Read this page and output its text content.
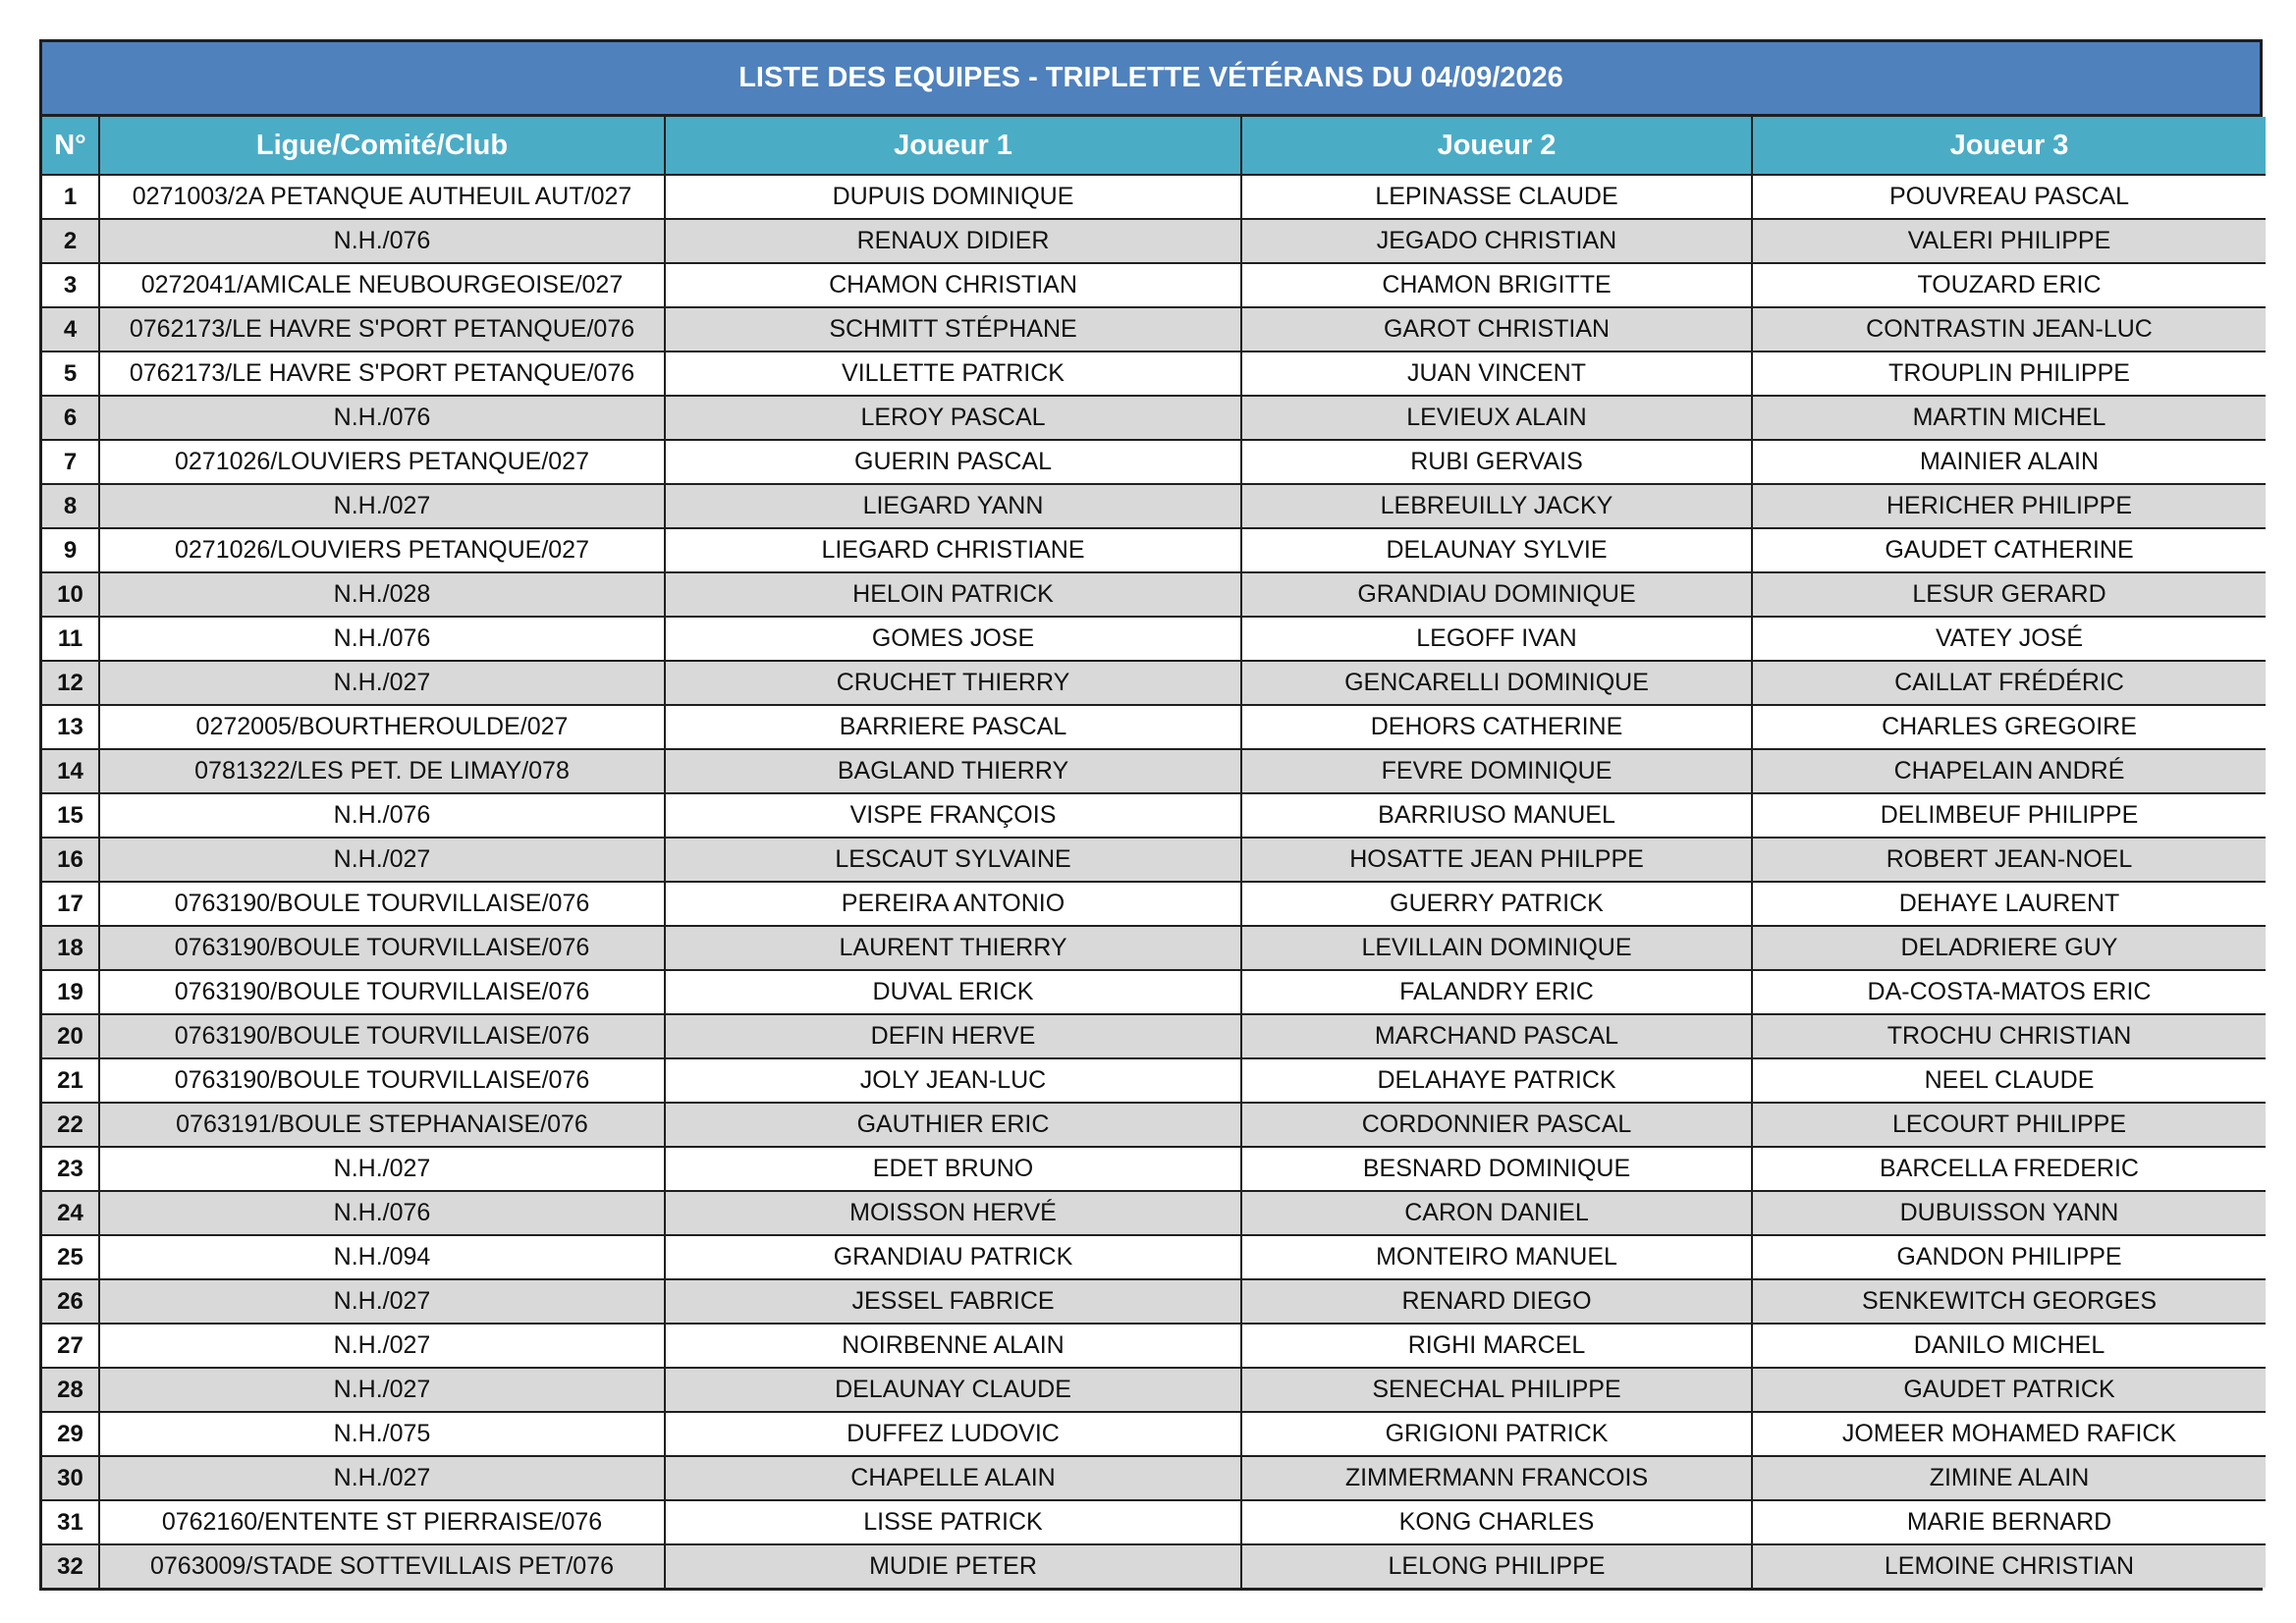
LISTE DES EQUIPES - TRIPLETTE VÉTÉRANS DU 04/09/2026
N°	Ligue/Comité/Club	Joueur 1	Joueur 2	Joueur 3
1	0271003/2A PETANQUE AUTHEUIL AUT/027	DUPUIS DOMINIQUE	LEPINASSE CLAUDE	POUVREAU PASCAL
2	N.H./076	RENAUX DIDIER	JEGADO CHRISTIAN	VALERI PHILIPPE
3	0272041/AMICALE NEUBOURGEOISE/027	CHAMON CHRISTIAN	CHAMON BRIGITTE	TOUZARD ERIC
4	0762173/LE HAVRE S'PORT PETANQUE/076	SCHMITT STÉPHANE	GAROT CHRISTIAN	CONTRASTIN JEAN-LUC
5	0762173/LE HAVRE S'PORT PETANQUE/076	VILLETTE PATRICK	JUAN VINCENT	TROUPLIN PHILIPPE
6	N.H./076	LEROY PASCAL	LEVIEUX ALAIN	MARTIN MICHEL
7	0271026/LOUVIERS PETANQUE/027	GUERIN PASCAL	RUBI GERVAIS	MAINIER ALAIN
8	N.H./027	LIEGARD YANN	LEBREUILLY JACKY	HERICHER PHILIPPE
9	0271026/LOUVIERS PETANQUE/027	LIEGARD CHRISTIANE	DELAUNAY SYLVIE	GAUDET CATHERINE
10	N.H./028	HELOIN PATRICK	GRANDIAU DOMINIQUE	LESUR GERARD
11	N.H./076	GOMES JOSE	LEGOFF IVAN	VATEY JOSÉ
12	N.H./027	CRUCHET THIERRY	GENCARELLI DOMINIQUE	CAILLAT FRÉDÉRIC
13	0272005/BOURTHEROULDE/027	BARRIERE PASCAL	DEHORS CATHERINE	CHARLES GREGOIRE
14	0781322/LES PET. DE LIMAY/078	BAGLAND THIERRY	FEVRE DOMINIQUE	CHAPELAIN ANDRÉ
15	N.H./076	VISPE FRANÇOIS	BARRIUSO MANUEL	DELIMBEUF PHILIPPE
16	N.H./027	LESCAUT SYLVAINE	HOSATTE JEAN PHILPPE	ROBERT JEAN-NOEL
17	0763190/BOULE TOURVILLAISE/076	PEREIRA ANTONIO	GUERRY PATRICK	DEHAYE LAURENT
18	0763190/BOULE TOURVILLAISE/076	LAURENT THIERRY	LEVILLAIN DOMINIQUE	DELADRIERE GUY
19	0763190/BOULE TOURVILLAISE/076	DUVAL ERICK	FALANDRY ERIC	DA-COSTA-MATOS ERIC
20	0763190/BOULE TOURVILLAISE/076	DEFIN HERVE	MARCHAND PASCAL	TROCHU CHRISTIAN
21	0763190/BOULE TOURVILLAISE/076	JOLY JEAN-LUC	DELAHAYE PATRICK	NEEL CLAUDE
22	0763191/BOULE STEPHANAISE/076	GAUTHIER ERIC	CORDONNIER PASCAL	LECOURT PHILIPPE
23	N.H./027	EDET BRUNO	BESNARD DOMINIQUE	BARCELLA FREDERIC
24	N.H./076	MOISSON HERVÉ	CARON DANIEL	DUBUISSON YANN
25	N.H./094	GRANDIAU PATRICK	MONTEIRO MANUEL	GANDON PHILIPPE
26	N.H./027	JESSEL FABRICE	RENARD DIEGO	SENKEWITCH GEORGES
27	N.H./027	NOIRBENNE ALAIN	RIGHI MARCEL	DANILO MICHEL
28	N.H./027	DELAUNAY CLAUDE	SENECHAL PHILIPPE	GAUDET PATRICK
29	N.H./075	DUFFEZ LUDOVIC	GRIGIONI PATRICK	JOMEER MOHAMED RAFICK
30	N.H./027	CHAPELLE ALAIN	ZIMMERMANN FRANCOIS	ZIMINE ALAIN
31	0762160/ENTENTE ST PIERRAISE/076	LISSE PATRICK	KONG CHARLES	MARIE BERNARD
32	0763009/STADE SOTTEVILLAIS PET/076	MUDIE PETER	LELONG PHILIPPE	LEMOINE CHRISTIAN
